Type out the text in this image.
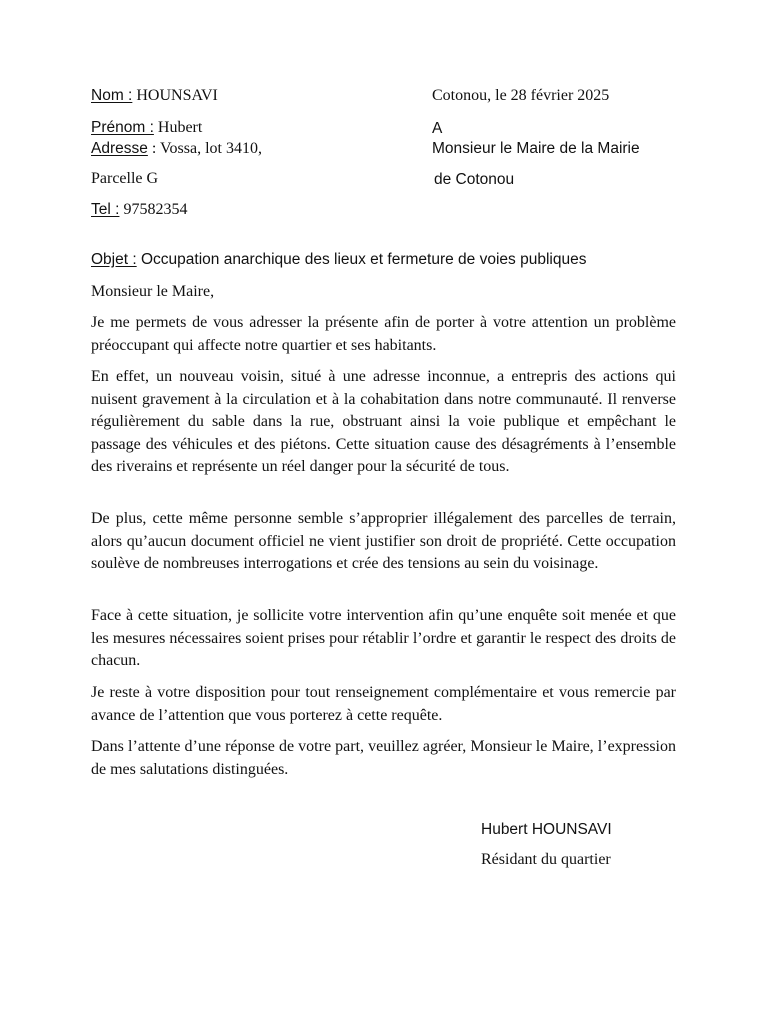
Nom : HOUNSAVI
Prénom : Hubert
Adresse : Vossa, lot 3410,
Parcelle G
Tel : 97582354
Cotonou, le 28 février 2025
A
Monsieur le Maire de la Mairie
de Cotonou
Objet : Occupation anarchique des lieux et fermeture de voies publiques
Monsieur le Maire,

Je me permets de vous adresser la présente afin de porter à votre attention un problème préoccupant qui affecte notre quartier et ses habitants.

En effet, un nouveau voisin, situé à une adresse inconnue, a entrepris des actions qui nuisent gravement à la circulation et à la cohabitation dans notre communauté. Il renverse régulièrement du sable dans la rue, obstruant ainsi la voie publique et empêchant le passage des véhicules et des piétons. Cette situation cause des désagréments à l’ensemble des riverains et représente un réel danger pour la sécurité de tous.

De plus, cette même personne semble s’approprier illégalement des parcelles de terrain, alors qu’aucun document officiel ne vient justifier son droit de propriété. Cette occupation soulève de nombreuses interrogations et crée des tensions au sein du voisinage.

Face à cette situation, je sollicite votre intervention afin qu’une enquête soit menée et que les mesures nécessaires soient prises pour rétablir l’ordre et garantir le respect des droits de chacun.

Je reste à votre disposition pour tout renseignement complémentaire et vous remercie par avance de l’attention que vous porterez à cette requête.

Dans l’attente d’une réponse de votre part, veuillez agréer, Monsieur le Maire, l’expression de mes salutations distinguées.

Hubert HOUNSAVI
Résidant du quartier
